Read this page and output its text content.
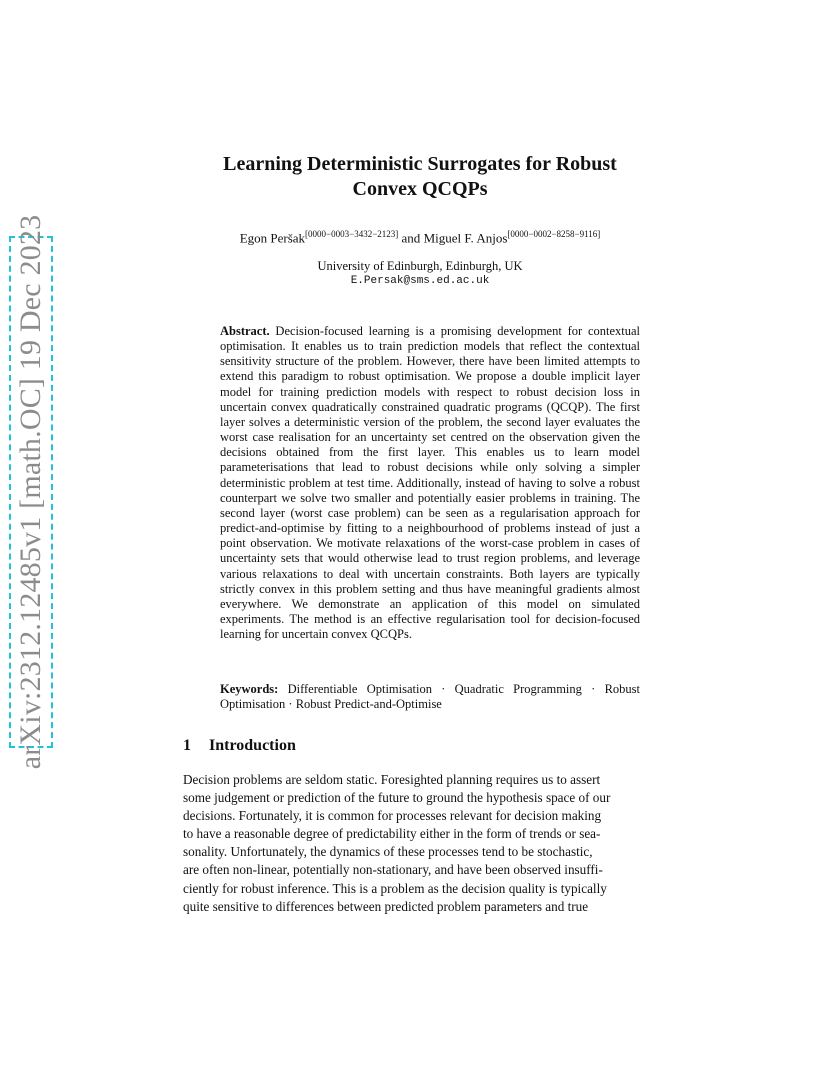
arXiv:2312.12485v1 [math.OC] 19 Dec 2023
Learning Deterministic Surrogates for Robust
Convex QCQPs
Egon Peršak[0000−0003−3432−2123] and Miguel F. Anjos[0000−0002−8258−9116]
University of Edinburgh, Edinburgh, UK
E.Persak@sms.ed.ac.uk
Abstract. Decision-focused learning is a promising development for contextual optimisation. It enables us to train prediction models that reflect the contextual sensitivity structure of the problem. However, there have been limited attempts to extend this paradigm to robust optimisation. We propose a double implicit layer model for training prediction models with respect to robust decision loss in uncertain convex quadratically constrained quadratic programs (QCQP). The first layer solves a deterministic version of the problem, the second layer evaluates the worst case realisation for an uncertainty set centred on the observation given the decisions obtained from the first layer. This enables us to learn model parameterisations that lead to robust decisions while only solving a simpler deterministic problem at test time. Additionally, instead of having to solve a robust counterpart we solve two smaller and potentially easier problems in training. The second layer (worst case problem) can be seen as a regularisation approach for predict-and-optimise by fitting to a neighbourhood of problems instead of just a point observation. We motivate relaxations of the worst-case problem in cases of uncertainty sets that would otherwise lead to trust region problems, and leverage various relaxations to deal with uncertain constraints. Both layers are typically strictly convex in this problem setting and thus have meaningful gradients almost everywhere. We demonstrate an application of this model on simulated experiments. The method is an effective regularisation tool for decision-focused learning for uncertain convex QCQPs.
Keywords: Differentiable Optimisation · Quadratic Programming · Robust Optimisation · Robust Predict-and-Optimise
1 Introduction
Decision problems are seldom static. Foresighted planning requires us to assert
some judgement or prediction of the future to ground the hypothesis space of our
decisions. Fortunately, it is common for processes relevant for decision making
to have a reasonable degree of predictability either in the form of trends or sea-
sonality. Unfortunately, the dynamics of these processes tend to be stochastic,
are often non-linear, potentially non-stationary, and have been observed insuffi-
ciently for robust inference. This is a problem as the decision quality is typically
quite sensitive to differences between predicted problem parameters and true
